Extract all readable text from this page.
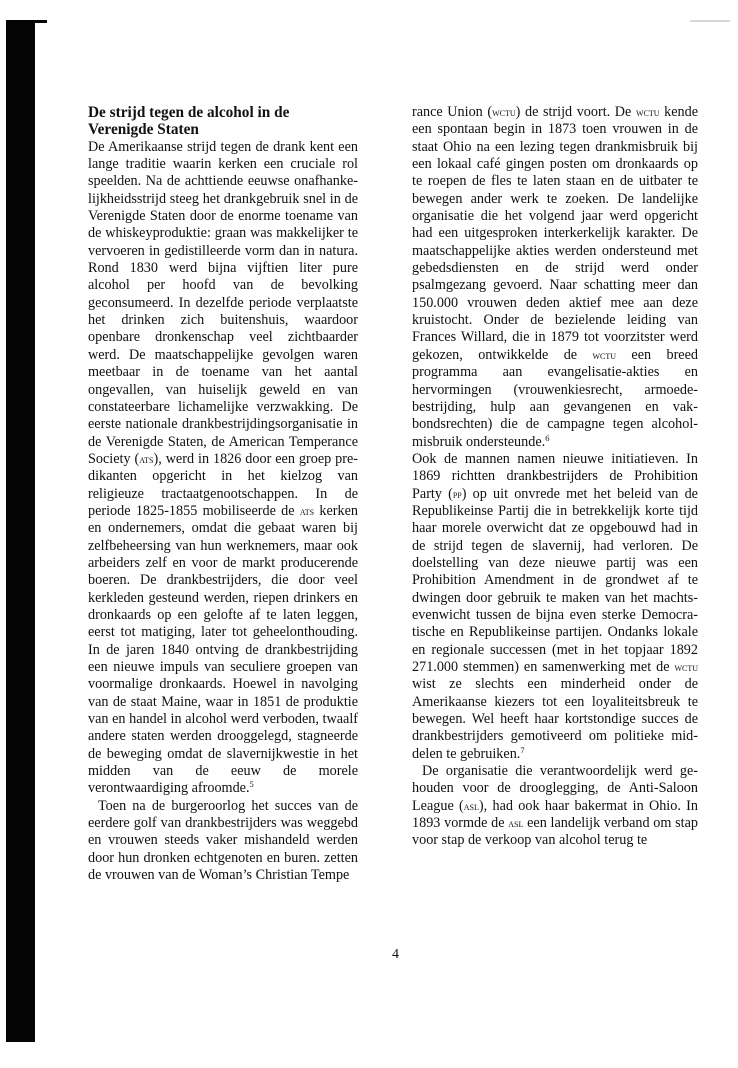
De strijd tegen de alcohol in de Verenigde Staten

De Amerikaanse strijd tegen de drank kent een lange traditie waarin kerken een cruciale rol speelden. Na de achttiende eeuwse onafhankelijkheidsstrijd steeg het drankgebruik snel in de Verenigde Staten door de enorme toename van de whiskeyproduktie: graan was makkelijker te vervoeren in gedistilleerde vorm dan in natura. Rond 1830 werd bijna vijftien liter pure alcohol per hoofd van de bevolking geconsumeerd. In dezelfde periode verplaatste het drinken zich buitenshuis, waardoor openbare dronkenschap veel zichtbaarder werd. De maatschappelijke gevolgen waren meetbaar in de toename van het aantal ongevallen, van huiselijk geweld en van constateerbare lichamelijke verzwakking. De eerste nationale drankbestrijdingsorganisatie in de Verenigde Staten, de American Temperance Society (ats), werd in 1826 door een groep predikanten opgericht in het kielzog van religieuze tractaatgenootschappen. In de periode 1825-1855 mobiliseerde de ats kerken en ondernemers, omdat die gebaat waren bij zelfbeheersing van hun werknemers, maar ook arbeiders zelf en voor de markt producerende boeren. De drankbestrijders, die door veel kerkleden gesteund werden, riepen drinkers en dronkaards op een gelofte af te laten leggen, eerst tot matiging, later tot geheelonthouding. In de jaren 1840 ontving de drankbestrijding een nieuwe impuls van seculiere groepen van voormalige dronkaards. Hoewel in navolging van de staat Maine, waar in 1851 de produktie van en handel in alcohol werd verboden, twaalf andere staten werden drooggelegd, stagneerde de beweging omdat de slavernijkwestie in het midden van de eeuw de morele verontwaardiging afroomde.$^5$

Toen na de burgeroorlog het succes van de eerdere golf van drankbestrijders was weggebd en vrouwen steeds vaker mishandeld werden door hun dronken echtgenoten en buren. zetten de vrouwen van de Woman’s Christian Tempe

rance Union (wctu) de strijd voort. De wctu kende een spontaan begin in 1873 toen vrouwen in de staat Ohio na een lezing tegen drankmisbruik bij een lokaal café gingen posten om dronkaards op te roepen de fles te laten staan en de uitbater te bewegen ander werk te zoeken. De landelijke organisatie die het volgend jaar werd opgericht had een uitgesproken interkerkelijk karakter. De maatschappelijke akties werden ondersteund met gebedsdiensten en de strijd werd onder psalmgezang gevoerd. Naar schatting meer dan 150.000 vrouwen deden aktief mee aan deze kruistocht. Onder de bezielende leiding van Frances Willard, die in 1879 tot voorzitster werd gekozen, ontwikkelde de wctu een breed programma aan evangelisatie-akties en hervormingen (vrouwenkiesrecht, armoedebestrijding, hulp aan gevangenen en vakbondsrechten) die de campagne tegen alcoholmisbruik ondersteunde.$^6$

Ook de mannen namen nieuwe initiatieven. In 1869 richtten drankbestrijders de Prohibition Party (pp) op uit onvrede met het beleid van de Republikeinse Partij die in betrekkelijk korte tijd haar morele overwicht dat ze opgebouwd had in de strijd tegen de slavernij, had verloren. De doelstelling van deze nieuwe partij was een Prohibition Amendment in de grondwet af te dwingen door gebruik te maken van het machtsevenwicht tussen de bijna even sterke Democratische en Republikeinse partijen. Ondanks lokale en regionale successen (met in het topjaar 1892 271.000 stemmen) en samenwerking met de wctu wist ze slechts een minderheid onder de Amerikaanse kiezers tot een loyaliteitsbreuk te bewegen. Wel heeft haar kortstondige succes de drankbestrijders gemotiveerd om politieke middelen te gebruiken.$^7$

De organisatie die verantwoordelijk werd gehouden voor de drooglegging, de Anti-Saloon League (asl), had ook haar bakermat in Ohio. In 1893 vormde de asl een landelijk verband om stap voor stap de verkoop van alcohol terug te

4
